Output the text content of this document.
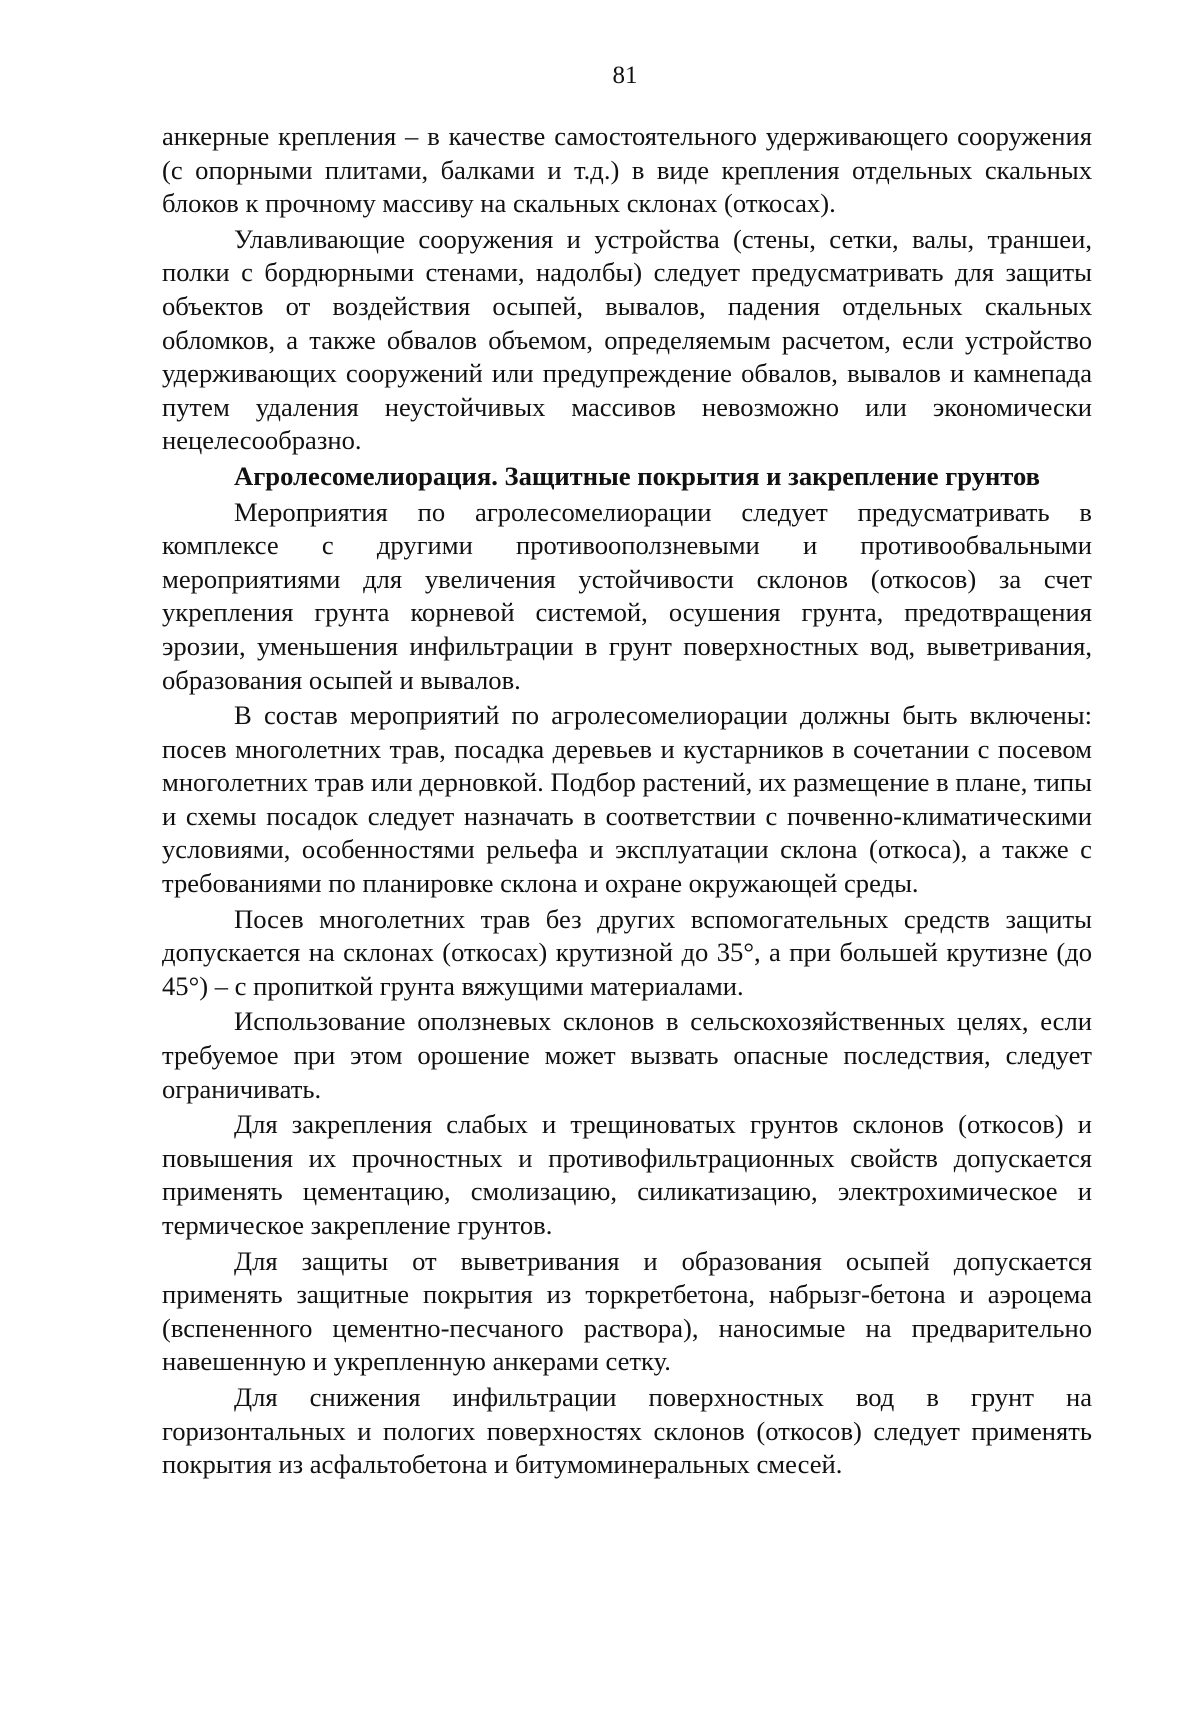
81

анкерные крепления – в качестве самостоятельного удерживающего сооружения (с опорными плитами, балками и т.д.) в виде крепления отдельных скальных блоков к прочному массиву на скальных склонах (откосах).

Улавливающие сооружения и устройства (стены, сетки, валы, траншеи, полки с бордюрными стенами, надолбы) следует предусматривать для защиты объектов от воздействия осыпей, вывалов, падения отдельных скальных обломков, а также обвалов объемом, определяемым расчетом, если устройство удерживающих сооружений или предупреждение обвалов, вывалов и камнепада путем удаления неустойчивых массивов невозможно или экономически нецелесообразно.

Агролесомелиорация. Защитные покрытия и закрепление грунтов

Мероприятия по агролесомелиорации следует предусматривать в комплексе с другими противооползневыми и противообвальными мероприятиями для увеличения устойчивости склонов (откосов) за счет укрепления грунта корневой системой, осушения грунта, предотвращения эрозии, уменьшения инфильтрации в грунт поверхностных вод, выветривания, образования осыпей и вывалов.

В состав мероприятий по агролесомелиорации должны быть включены: посев многолетних трав, посадка деревьев и кустарников в сочетании с посевом многолетних трав или дерновкой. Подбор растений, их размещение в плане, типы и схемы посадок следует назначать в соответствии с почвенно-климатическими условиями, особенностями рельефа и эксплуатации склона (откоса), а также с требованиями по планировке склона и охране окружающей среды.

Посев многолетних трав без других вспомогательных средств защиты допускается на склонах (откосах) крутизной до 35°, а при большей крутизне (до 45°) – с пропиткой грунта вяжущими материалами.

Использование оползневых склонов в сельскохозяйственных целях, если требуемое при этом орошение может вызвать опасные последствия, следует ограничивать.

Для закрепления слабых и трещиноватых грунтов склонов (откосов) и повышения их прочностных и противофильтрационных свойств допускается применять цементацию, смолизацию, силикатизацию, электрохимическое и термическое закрепление грунтов.

Для защиты от выветривания и образования осыпей допускается применять защитные покрытия из торкретбетона, набрызг-бетона и аэроцема (вспененного цементно-песчаного раствора), наносимые на предварительно навешенную и укрепленную анкерами сетку.

Для снижения инфильтрации поверхностных вод в грунт на горизонтальных и пологих поверхностях склонов (откосов) следует применять покрытия из асфальтобетона и битумоминеральных смесей.
